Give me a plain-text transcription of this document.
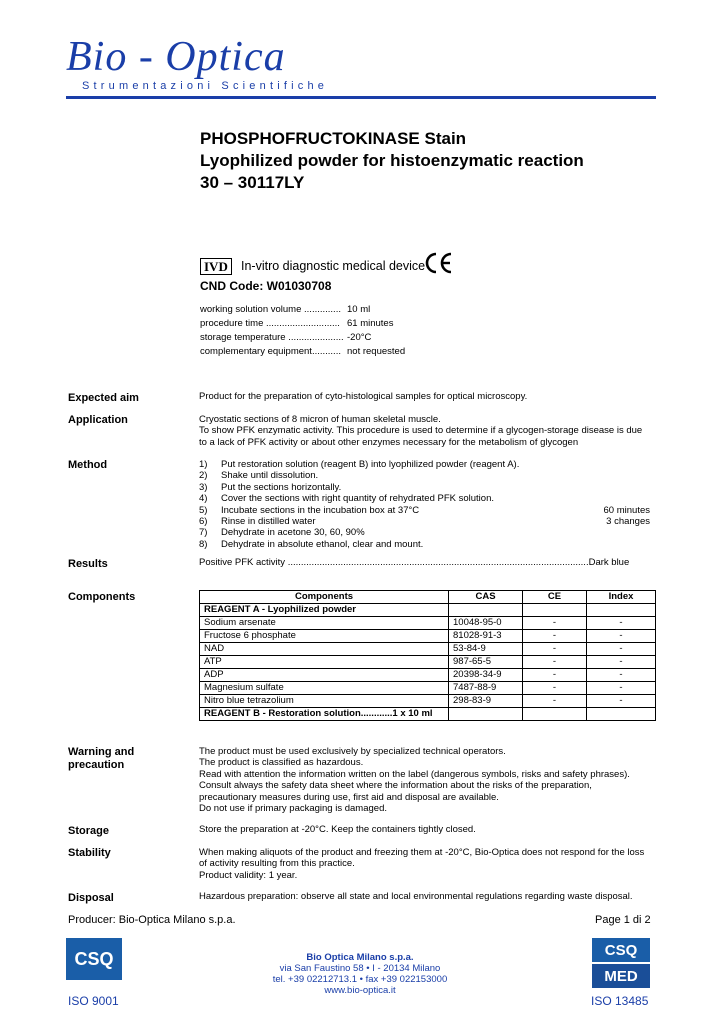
Bio - Optica
Strumentazioni Scientifiche
PHOSPHOFRUCTOKINASE Stain
Lyophilized powder for histoenzymatic reaction
30 – 30117LY
IVD	In-vitro diagnostic medical device
CND Code: W01030708
working solution volume .............. 10 ml
procedure time ............................ 61 minutes
storage temperature ..................... -20°C
complementary equipment........... not requested
Expected aim	Product for the preparation of cyto-histological samples for optical microscopy.
Application	Cryostatic sections of 8 micron of human skeletal muscle.
To show PFK enzymatic activity. This procedure is used to determine if a glycogen-storage disease is due
to a lack of PFK activity or about other enzymes necessary for the metabolism of glycogen
Method	1) Put restoration solution (reagent B) into lyophilized powder (reagent A).
2) Shake until dissolution.
3) Put the sections horizontally.
4) Cover the sections with right quantity of rehydrated PFK solution.
5) Incubate sections in the incubation box at 37°C	60 minutes
6) Rinse in distilled water	3 changes
7) Dehydrate in acetone 30, 60, 90%
8) Dehydrate in absolute ethanol, clear and mount.
Results	Positive PFK activity ..................................................................................................................Dark blue
Components	Components	CAS	CE	Index
REAGENT A - Lyophilized powder			
Sodium arsenate	10048-95-0	-	-
Fructose 6 phosphate	81028-91-3	-	-
NAD	53-84-9	-	-
ATP	987-65-5	-	-
ADP	20398-34-9	-	-
Magnesium sulfate	7487-88-9	-	-
Nitro blue tetrazolium	298-83-9	-	-
REAGENT B - Restoration solution............1 x 10 ml			
Warning and
precaution
The product must be used exclusively by specialized technical operators.
The product is classified as hazardous.
Read with attention the information written on the label (dangerous symbols, risks and safety phrases).
Consult always the safety data sheet where the information about the risks of the preparation,
precautionary measures during use, first aid and disposal are available.
Do not use if primary packaging is damaged.
Storage	Store the preparation at -20°C. Keep the containers tightly closed.
Stability	When making aliquots of the product and freezing them at -20°C, Bio-Optica does not respond for the loss
of activity resulting from this practice.
Product validity: 1 year.
Disposal	Hazardous preparation: observe all state and local environmental regulations regarding waste disposal.
Producer: Bio-Optica Milano s.p.a.	Page 1 di 2
CSQ
ISO 9001
Bio Optica Milano s.p.a.
via San Faustino 58 • I - 20134 Milano
tel. +39 02212713.1 • fax +39 022153000
www.bio-optica.it
CSQ
MED
ISO 13485
